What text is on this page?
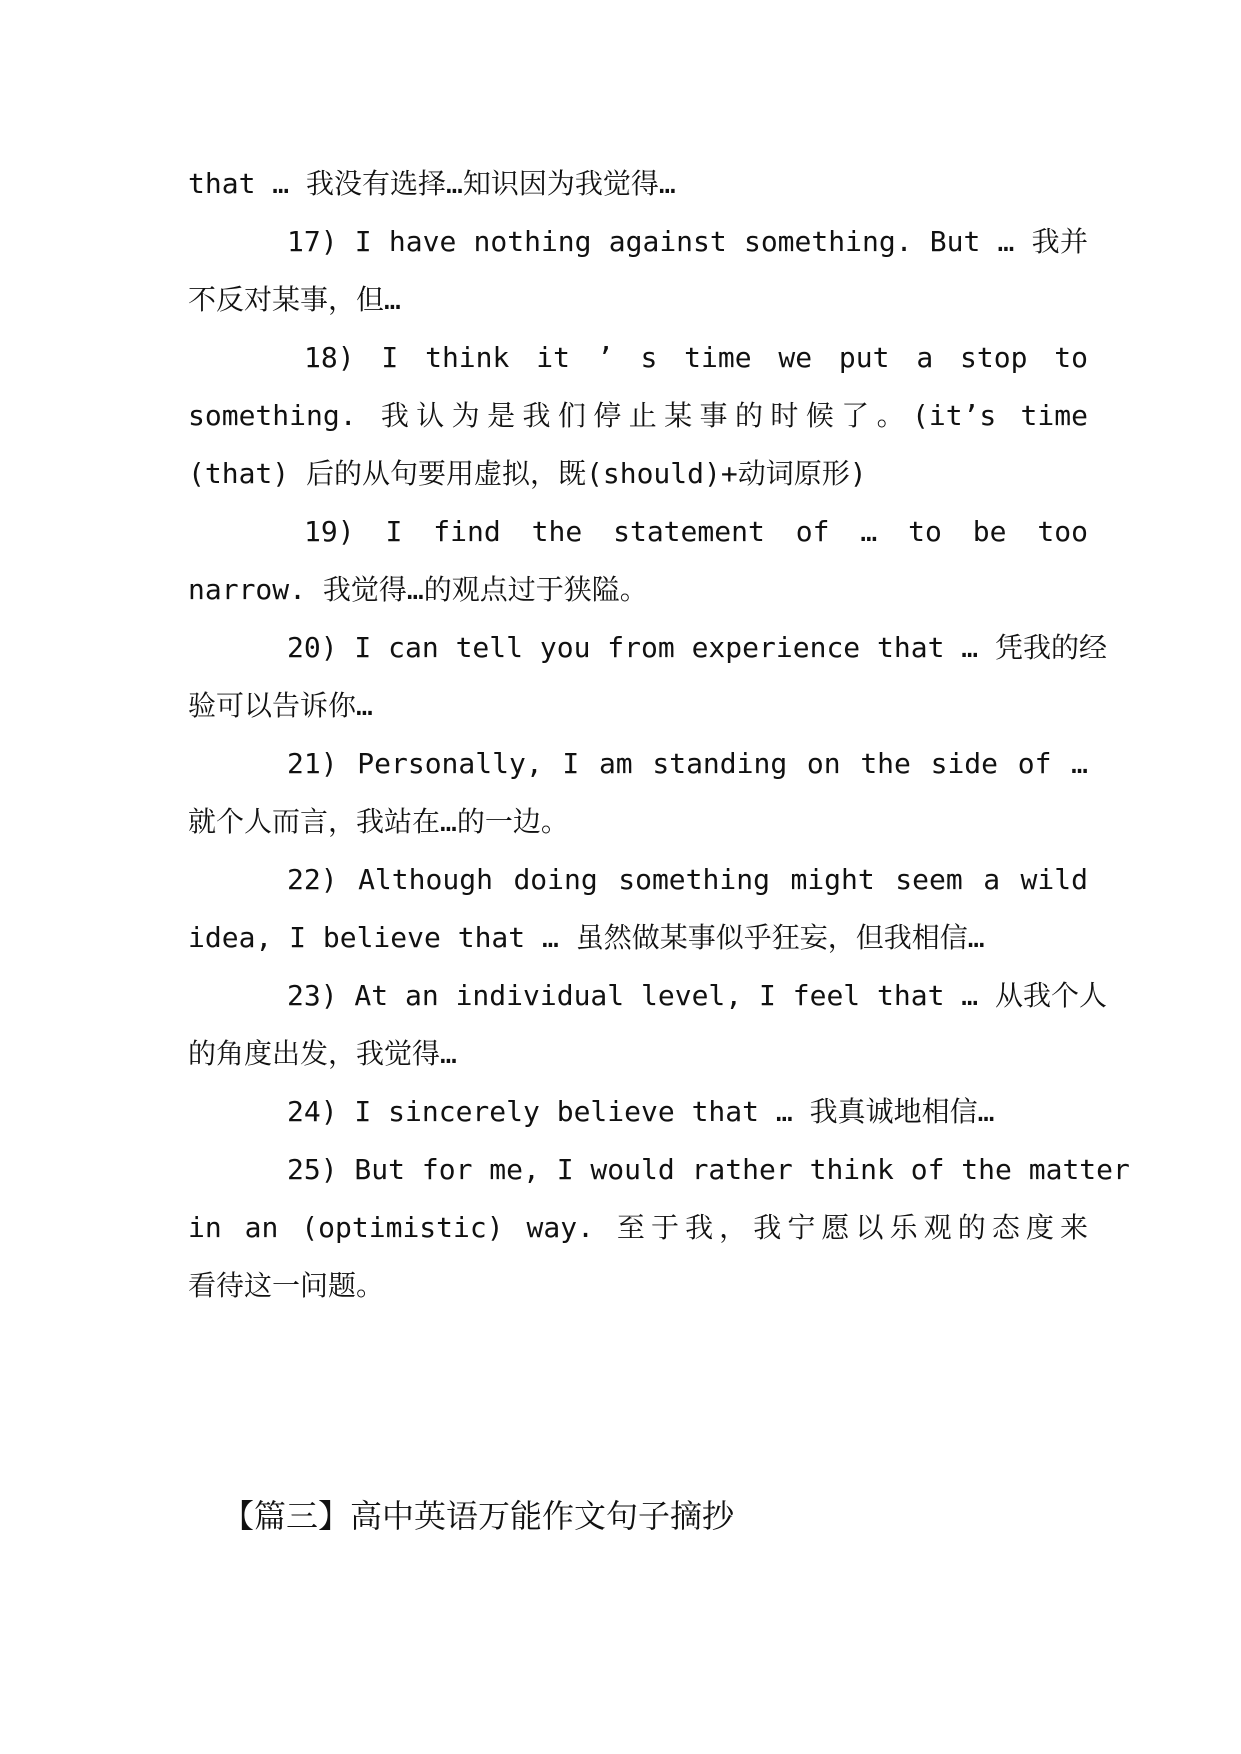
that … 我没有选择…知识因为我觉得…
17) I have nothing against something. But … 我并
不反对某事，但…
18) I think it ’ s time we put a stop to
something. 我认为是我们停止某事的时候了。(it’s time
(that) 后的从句要用虚拟，既(should)+动词原形)
19) I find the statement of … to be too
narrow. 我觉得…的观点过于狭隘。
20) I can tell you from experience that … 凭我的经
验可以告诉你…
21) Personally, I am standing on the side of …
就个人而言，我站在…的一边。
22) Although doing something might seem a wild
idea, I believe that … 虽然做某事似乎狂妄，但我相信…
23) At an individual level, I feel that … 从我个人
的角度出发，我觉得…
24) I sincerely believe that … 我真诚地相信…
25) But for me, I would rather think of the matter
in an (optimistic) way. 至于我，我宁愿以乐观的态度来
看待这一问题。
【篇三】高中英语万能作文句子摘抄
